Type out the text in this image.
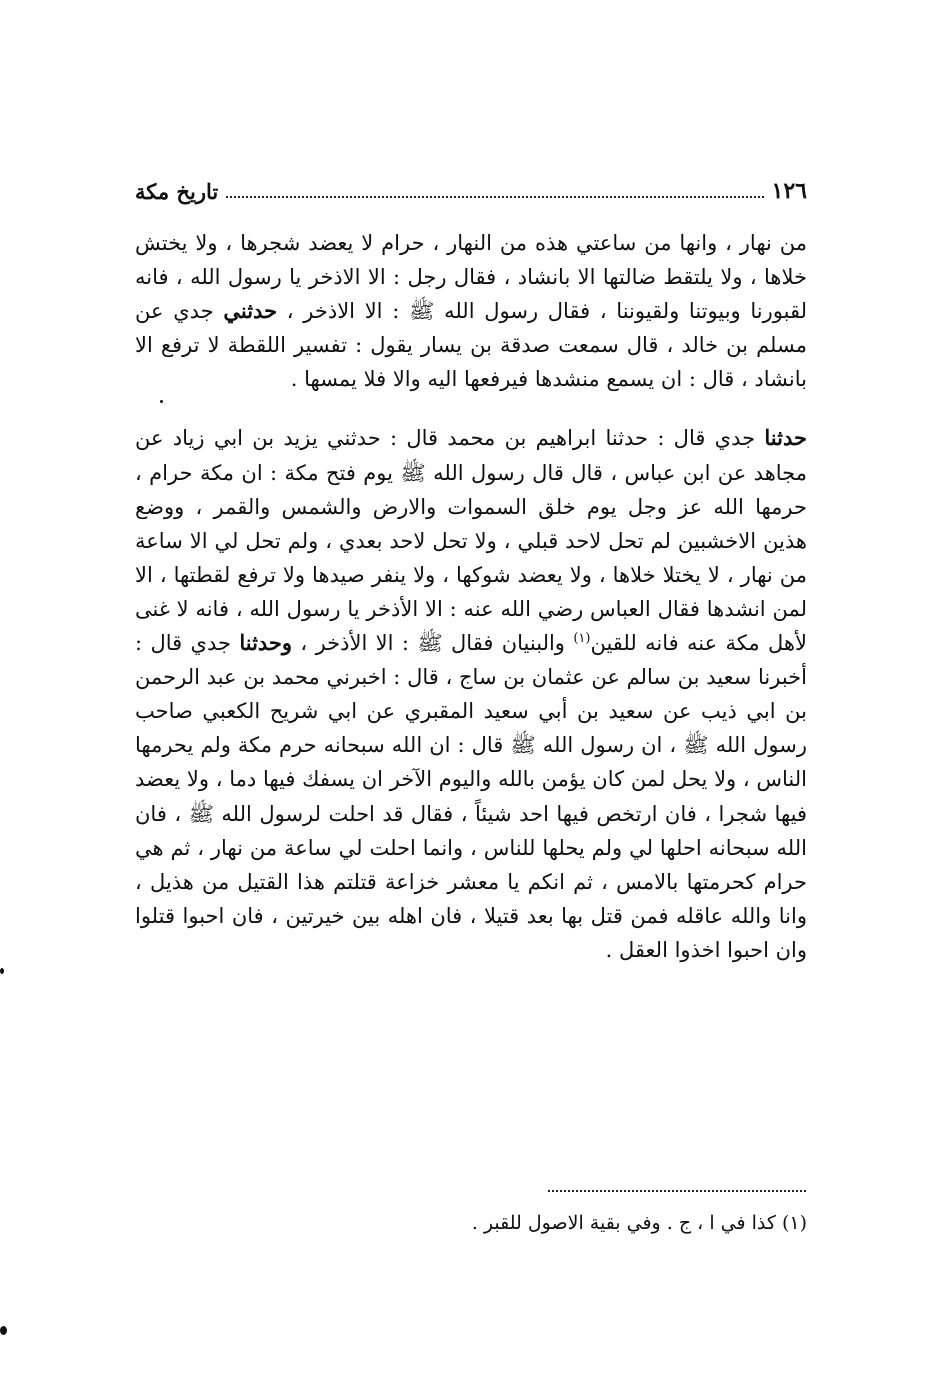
١٢٦
تاريخ مكة

من نهار ، وانها من ساعتي هذه من النهار ، حرام لا يعضد شجرها ، ولا يختش خلاها ، ولا يلتقط ضالتها الا بانشاد ، فقال رجل : الا الاذخر يا رسول الله ، فانه لقبورنا وبيوتنا ولقيوننا ، فقال رسول الله ﷺ : الا الاذخر ، حدثني جدي عن مسلم بن خالد ، قال سمعت صدقة بن يسار يقول : تفسير اللقطة لا ترفع الا بانشاد ، قال : ان يسمع منشدها فيرفعها اليه والا فلا يمسها .

حدثنا جدي قال : حدثنا ابراهيم بن محمد قال : حدثني يزيد بن ابي زياد عن مجاهد عن ابن عباس ، قال قال رسول الله ﷺ يوم فتح مكة : ان مكة حرام ، حرمها الله عز وجل يوم خلق السموات والارض والشمس والقمر ، ووضع هذين الاخشبين لم تحل لاحد قبلي ، ولا تحل لاحد بعدي ، ولم تحل لي الا ساعة من نهار ، لا يختلا خلاها ، ولا يعضد شوكها ، ولا ينفر صيدها ولا ترفع لقطتها ، الا لمن انشدها فقال العباس رضي الله عنه : الا الأذخر يا رسول الله ، فانه لا غنى لأهل مكة عنه فانه للقين$^{(١)}$ والبنيان فقال ﷺ : الا الأذخر ، وحدثنا جدي قال : أخبرنا سعيد بن سالم عن عثمان بن ساج ، قال : اخبرني محمد بن عبد الرحمن بن ابي ذيب عن سعيد بن أبي سعيد المقبري عن ابي شريح الكعبي صاحب رسول الله ﷺ ، ان رسول الله ﷺ قال : ان الله سبحانه حرم مكة ولم يحرمها الناس ، ولا يحل لمن كان يؤمن بالله واليوم الآخر ان يسفك فيها دما ، ولا يعضد فيها شجرا ، فان ارتخص فيها احد شيئاً ، فقال قد احلت لرسول الله ﷺ ، فان الله سبحانه احلها لي ولم يحلها للناس ، وانما احلت لي ساعة من نهار ، ثم هي حرام كحرمتها بالامس ، ثم انكم يا معشر خزاعة قتلتم هذا القتيل من هذيل ، وانا والله عاقله فمن قتل بها بعد قتيلا ، فان اهله بين خيرتين ، فان احبوا قتلوا وان احبوا اخذوا العقل .

(١) كذا في ا ، ج . وفي بقية الاصول للقبر .
